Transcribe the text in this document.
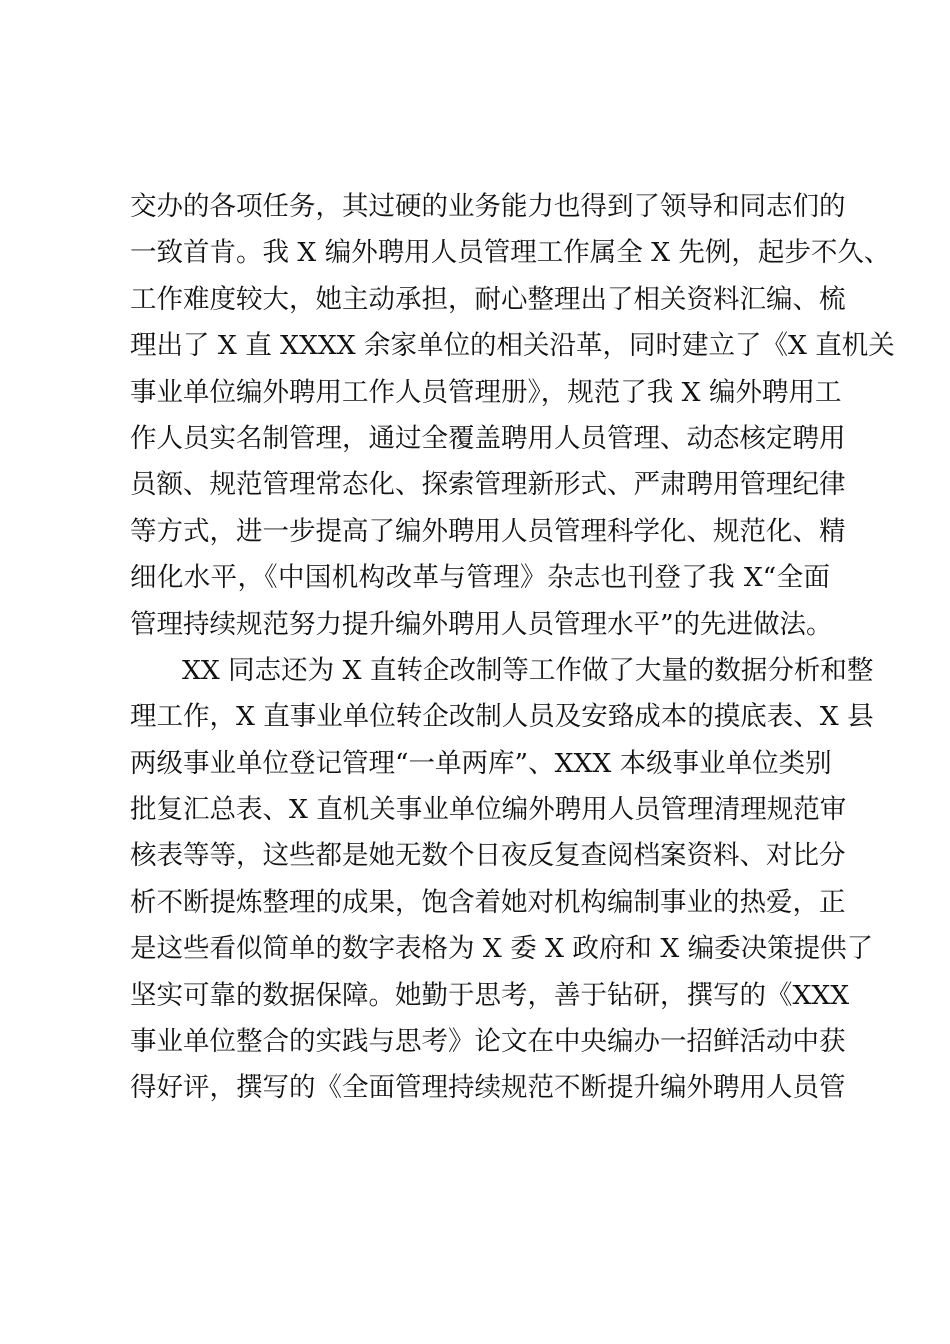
交办的各项任务，其过硬的业务能力也得到了领导和同志们的
一致首肯。我 X 编外聘用人员管理工作属全 X 先例，起步不久、
工作难度较大，她主动承担，耐心整理出了相关资料汇编、梳
理出了 X 直 XXXX 余家单位的相关沿革，同时建立了《X 直机关
事业单位编外聘用工作人员管理册》，规范了我 X 编外聘用工
作人员实名制管理，通过全覆盖聘用人员管理、动态核定聘用
员额、规范管理常态化、探索管理新形式、严肃聘用管理纪律
等方式，进一步提高了编外聘用人员管理科学化、规范化、精
细化水平，《中国机构改革与管理》杂志也刊登了我 X“全面
管理持续规范努力提升编外聘用人员管理水平”的先进做法。
XX 同志还为 X 直转企改制等工作做了大量的数据分析和整
理工作，X 直事业单位转企改制人员及安臵成本的摸底表、X 县
两级事业单位登记管理“一单两库”、XXX 本级事业单位类别
批复汇总表、X 直机关事业单位编外聘用人员管理清理规范审
核表等等，这些都是她无数个日夜反复查阅档案资料、对比分
析不断提炼整理的成果，饱含着她对机构编制事业的热爱，正
是这些看似简单的数字表格为 X 委 X 政府和 X 编委决策提供了
坚实可靠的数据保障。她勤于思考，善于钻研，撰写的《XXX
事业单位整合的实践与思考》论文在中央编办一招鲜活动中获
得好评，撰写的《全面管理持续规范不断提升编外聘用人员管
